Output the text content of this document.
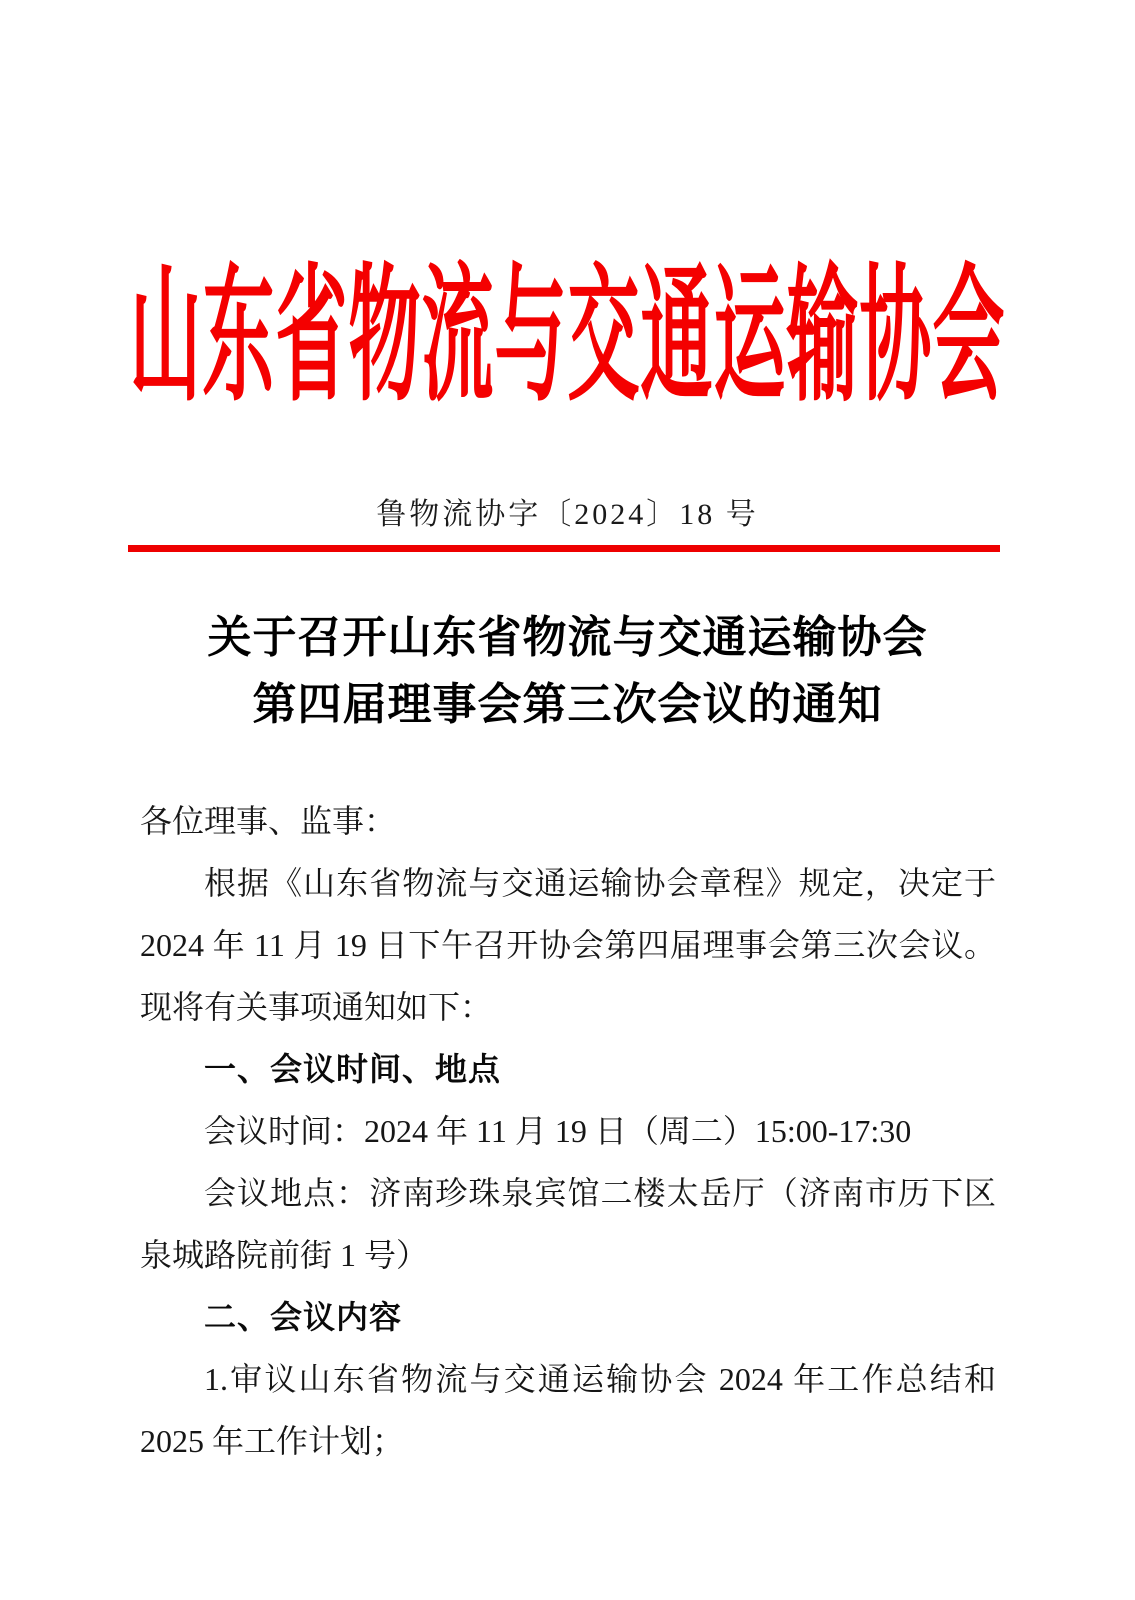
山东省物流与交通运输协会
鲁物流协字〔2024〕18 号
关于召开山东省物流与交通运输协会
第四届理事会第三次会议的通知

各位理事、监事：

根据《山东省物流与交通运输协会章程》规定，决定于 2024 年 11 月 19 日下午召开协会第四届理事会第三次会议。现将有关事项通知如下：

一、会议时间、地点

会议时间：2024 年 11 月 19 日（周二）15:00-17:30

会议地点：济南珍珠泉宾馆二楼太岳厅（济南市历下区泉城路院前街 1 号）

二、会议内容

1.审议山东省物流与交通运输协会 2024 年工作总结和 2025 年工作计划；
